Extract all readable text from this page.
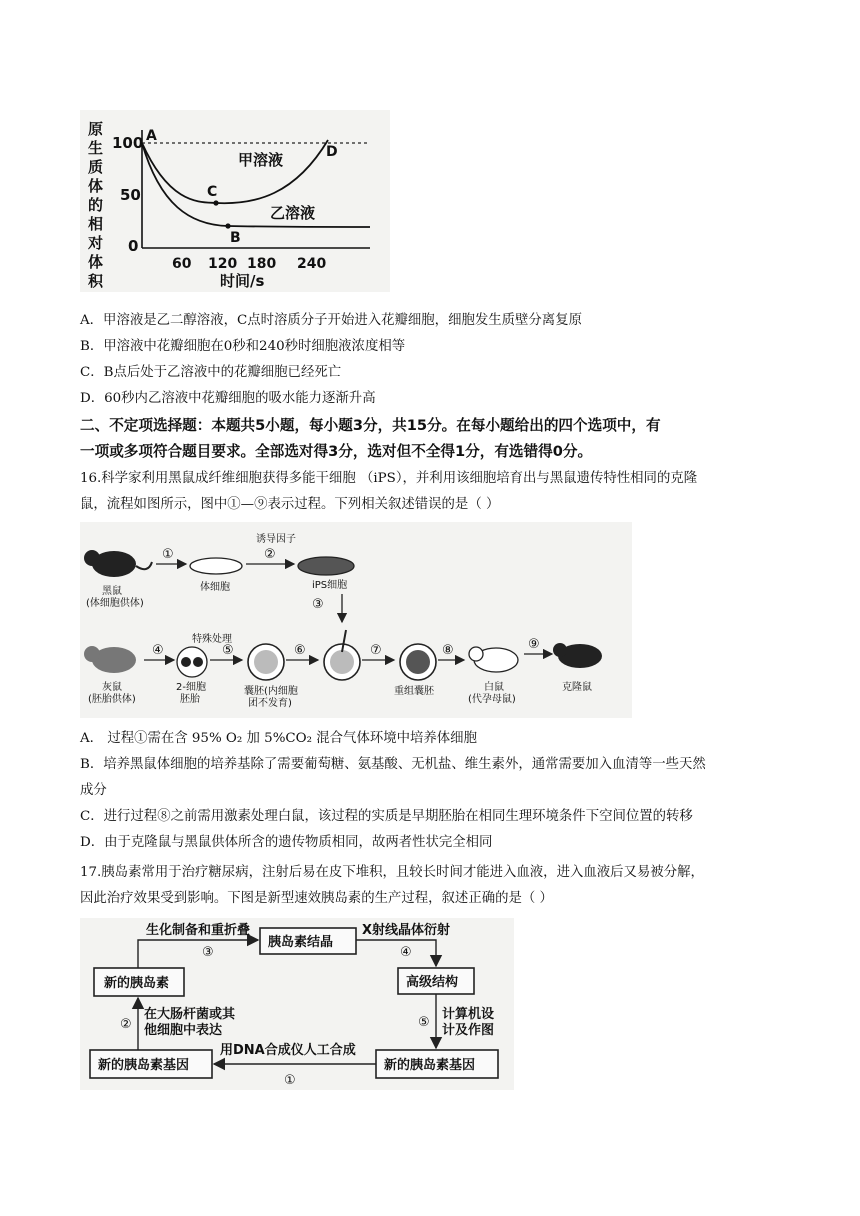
原生质体的相对体积
100
50
0
A
C
B
D
甲溶液
乙溶液
60 120 180 240
时间/s
A．甲溶液是乙二醇溶液，C点时溶质分子开始进入花瓣细胞，细胞发生质壁分离复原
B．甲溶液中花瓣细胞在0秒和240秒时细胞液浓度相等
C．B点后处于乙溶液中的花瓣细胞已经死亡
D．60秒内乙溶液中花瓣细胞的吸水能力逐渐升高
二、不定项选择题：本题共5小题，每小题3分，共15分。在每小题给出的四个选项中，有
一项或多项符合题目要求。全部选对得3分，选对但不全得1分，有选错得0分。
16.科学家利用黑鼠成纤维细胞获得多能干细胞 （iPS），并利用该细胞培育出与黑鼠遗传特性相同的克隆
鼠，流程如图所示，图中①—⑨表示过程。下列相关叙述错误的是（ ）
黑鼠
(体细胞供体)
①
体细胞
诱导因子
②
iPS细胞
③
灰鼠
(胚胎供体)
④
2-细胞
胚胎
特殊处理
⑤
囊胚(内细胞
团不发育)
⑥	⑦
重组囊胚
⑧
白鼠
(代孕母鼠)
⑨
克隆鼠
A． 过程①需在含 95% O₂ 加 5%CO₂ 混合气体环境中培养体细胞
B．培养黑鼠体细胞的培养基除了需要葡萄糖、氨基酸、无机盐、维生素外，通常需要加入血清等一些天然
成分
C．进行过程⑧之前需用激素处理白鼠，该过程的实质是早期胚胎在相同生理环境条件下空间位置的转移
D．由于克隆鼠与黑鼠供体所含的遗传物质相同，故两者性状完全相同
17.胰岛素常用于治疗糖尿病，注射后易在皮下堆积，且较长时间才能进入血液，进入血液后又易被分解，
因此治疗效果受到影响。下图是新型速效胰岛素的生产过程，叙述正确的是（ ）
胰岛素结晶
高级结构
新的胰岛素基因
新的胰岛素基因
新的胰岛素
生化制备和重折叠
③
X射线晶体衍射
④
⑤
计算机设
计及作图
用DNA合成仪人工合成
①
②
在大肠杆菌或其
他细胞中表达
